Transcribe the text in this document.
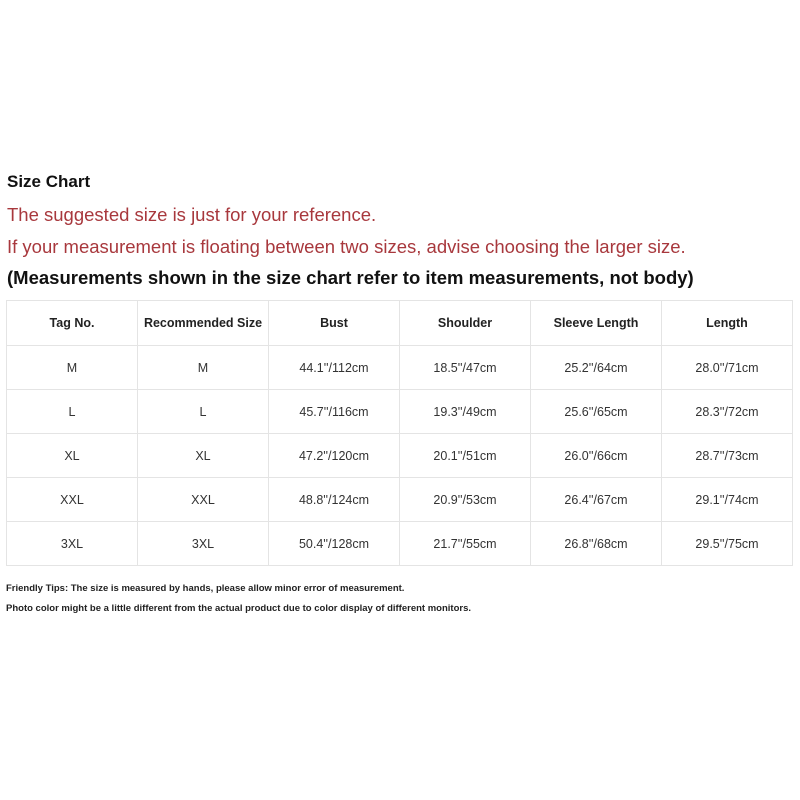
Size Chart
The suggested size is just for your reference.
If your measurement is floating between two sizes, advise choosing the larger size.
(Measurements shown in the size chart refer to item measurements, not body)
Tag No.	Recommended Size	Bust	Shoulder	Sleeve Length	Length
M	M	44.1''/112cm	18.5''/47cm	25.2''/64cm	28.0''/71cm
L	L	45.7''/116cm	19.3''/49cm	25.6''/65cm	28.3''/72cm
XL	XL	47.2''/120cm	20.1''/51cm	26.0''/66cm	28.7''/73cm
XXL	XXL	48.8''/124cm	20.9''/53cm	26.4''/67cm	29.1''/74cm
3XL	3XL	50.4''/128cm	21.7''/55cm	26.8''/68cm	29.5''/75cm
Friendly Tips: The size is measured by hands, please allow minor error of measurement.
Photo color might be a little different from the actual product due to color display of different monitors.
